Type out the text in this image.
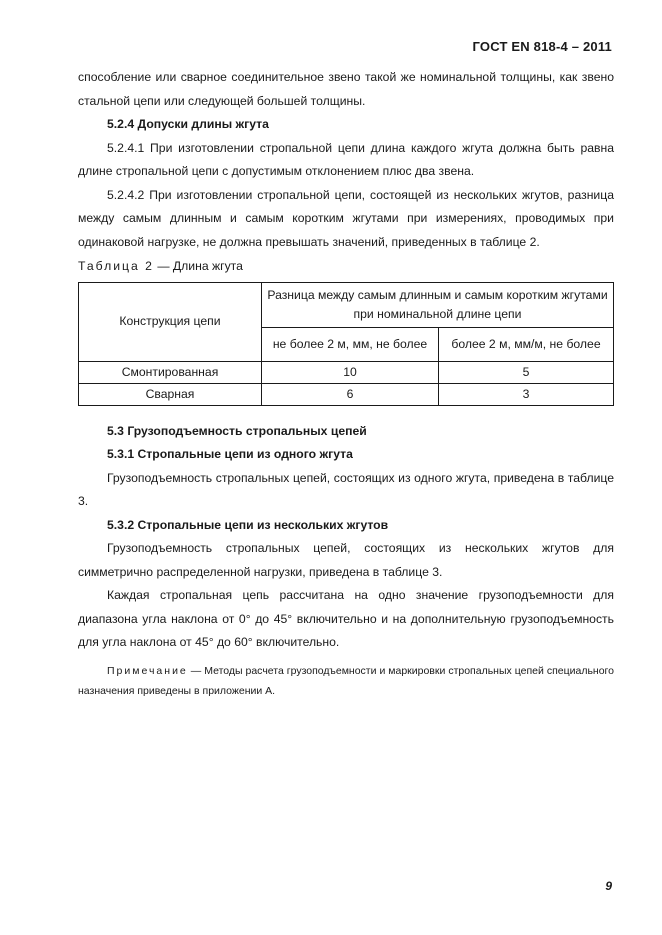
ГОСТ EN 818-4 – 2011

способление или сварное соединительное звено такой же номинальной толщины, как звено стальной цепи или следующей большей толщины.

5.2.4 Допуски длины жгута

5.2.4.1 При изготовлении стропальной цепи длина каждого жгута должна быть равна длине стропальной цепи с допустимым отклонением плюс два звена.

5.2.4.2 При изготовлении стропальной цепи, состоящей из нескольких жгутов, разница между самым длинным и самым коротким жгутами при измерениях, проводимых при одинаковой нагрузке, не должна превышать значений, приведенных в таблице 2.

Таблица 2 — Длина жгута

Конструкция цепи	Разница между самым длинным и самым коротким жгутами при номинальной длине цепи	
	не более 2 м, мм, не более	более 2 м, мм/м, не более
Смонтированная	10	5
Сварная	6	3

5.3 Грузоподъемность стропальных цепей

5.3.1 Стропальные цепи из одного жгута

Грузоподъемность стропальных цепей, состоящих из одного жгута, приведена в таблице 3.

5.3.2 Стропальные цепи из нескольких жгутов

Грузоподъемность стропальных цепей, состоящих из нескольких жгутов для симметрично распределенной нагрузки, приведена в таблице 3.

Каждая стропальная цепь рассчитана на одно значение грузоподъемности для диапазона угла наклона от 0° до 45° включительно и на дополнительную грузоподъемность для угла наклона от 45° до 60° включительно.

Примечание — Методы расчета грузоподъемности и маркировки стропальных цепей специального назначения приведены в приложении А.

9
